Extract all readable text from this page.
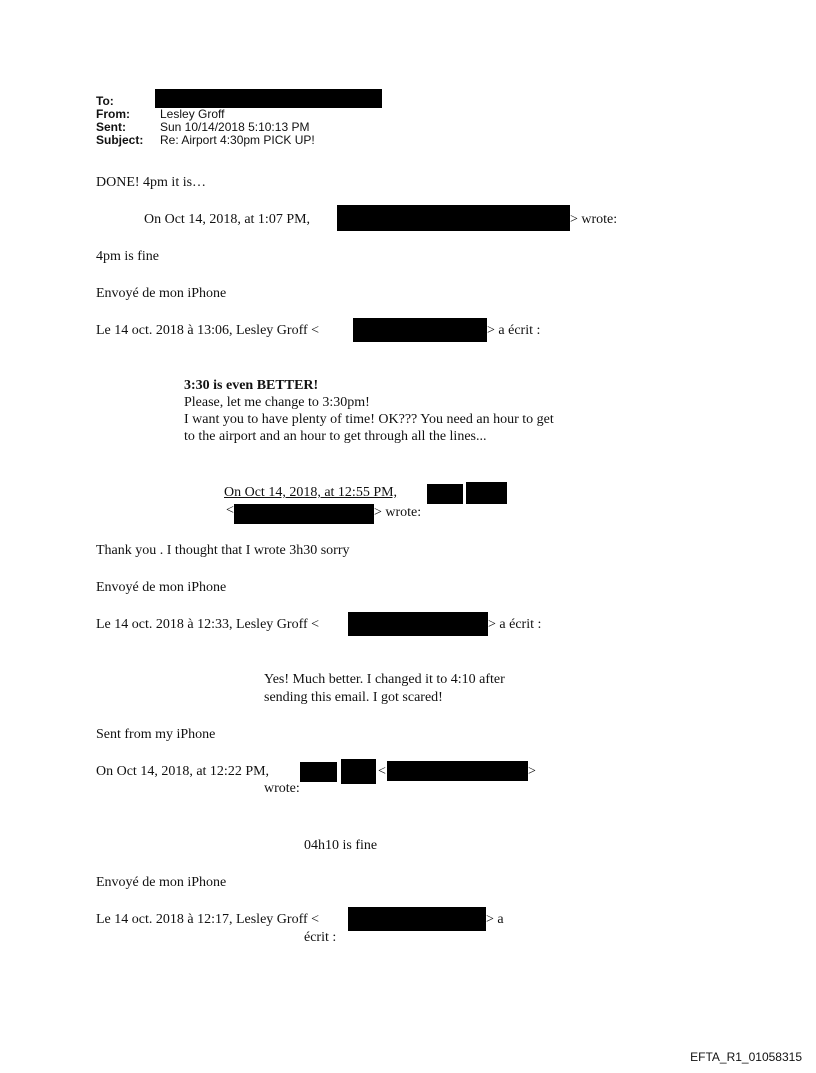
To:
From:	Lesley Groff
Sent:	Sun 10/14/2018 5:10:13 PM
Subject: Re: Airport 4:30pm PICK UP!
DONE! 4pm it is…
On Oct 14, 2018, at 1:07 PM,	> wrote:
4pm is fine
Envoyé de mon iPhone
Le 14 oct. 2018 à 13:06, Lesley Groff <	> a écrit :
3:30 is even BETTER!
Please, let me change to 3:30pm!
I want you to have plenty of time! OK??? You need an hour to get
to the airport and an hour to get through all the lines...
On Oct 14, 2018, at 12:55 PM,
<	> wrote:
Thank you . I thought that I wrote 3h30 sorry
Envoyé de mon iPhone
Le 14 oct. 2018 à 12:33, Lesley Groff <	> a écrit :
Yes! Much better. I changed it to 4:10 after
sending this email. I got scared!
Sent from my iPhone
On Oct 14, 2018, at 12:22 PM,	<	>
wrote:
04h10 is fine
Envoyé de mon iPhone
Le 14 oct. 2018 à 12:17, Lesley Groff <	> a
écrit :
EFTA_R1_01058315
